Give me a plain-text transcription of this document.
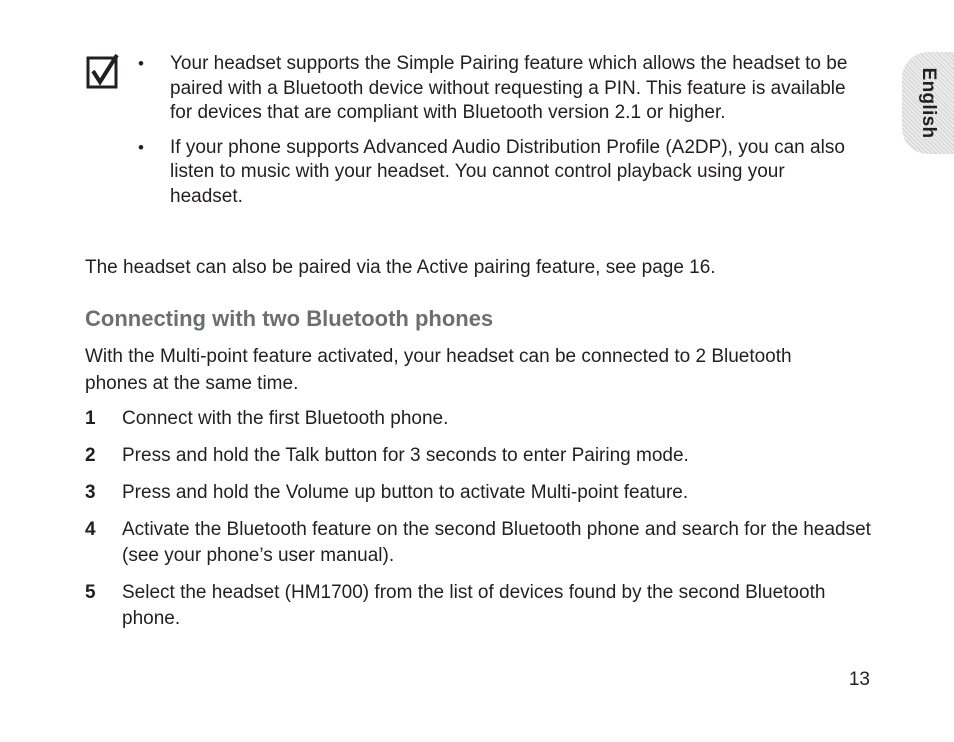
• Your headset supports the Simple Pairing feature which allows the headset to be paired with a Bluetooth device without requesting a PIN. This feature is available for devices that are compliant with Bluetooth version 2.1 or higher.
• If your phone supports Advanced Audio Distribution Profile (A2DP), you can also listen to music with your headset. You cannot control playback using your headset.

The headset can also be paired via the Active pairing feature, see page 16.

Connecting with two Bluetooth phones

With the Multi-point feature activated, your headset can be connected to 2 Bluetooth phones at the same time.

1 Connect with the first Bluetooth phone.
2 Press and hold the Talk button for 3 seconds to enter Pairing mode.
3 Press and hold the Volume up button to activate Multi-point feature.
4 Activate the Bluetooth feature on the second Bluetooth phone and search for the headset (see your phone’s user manual).
5 Select the headset (HM1700) from the list of devices found by the second Bluetooth phone.
English
13
